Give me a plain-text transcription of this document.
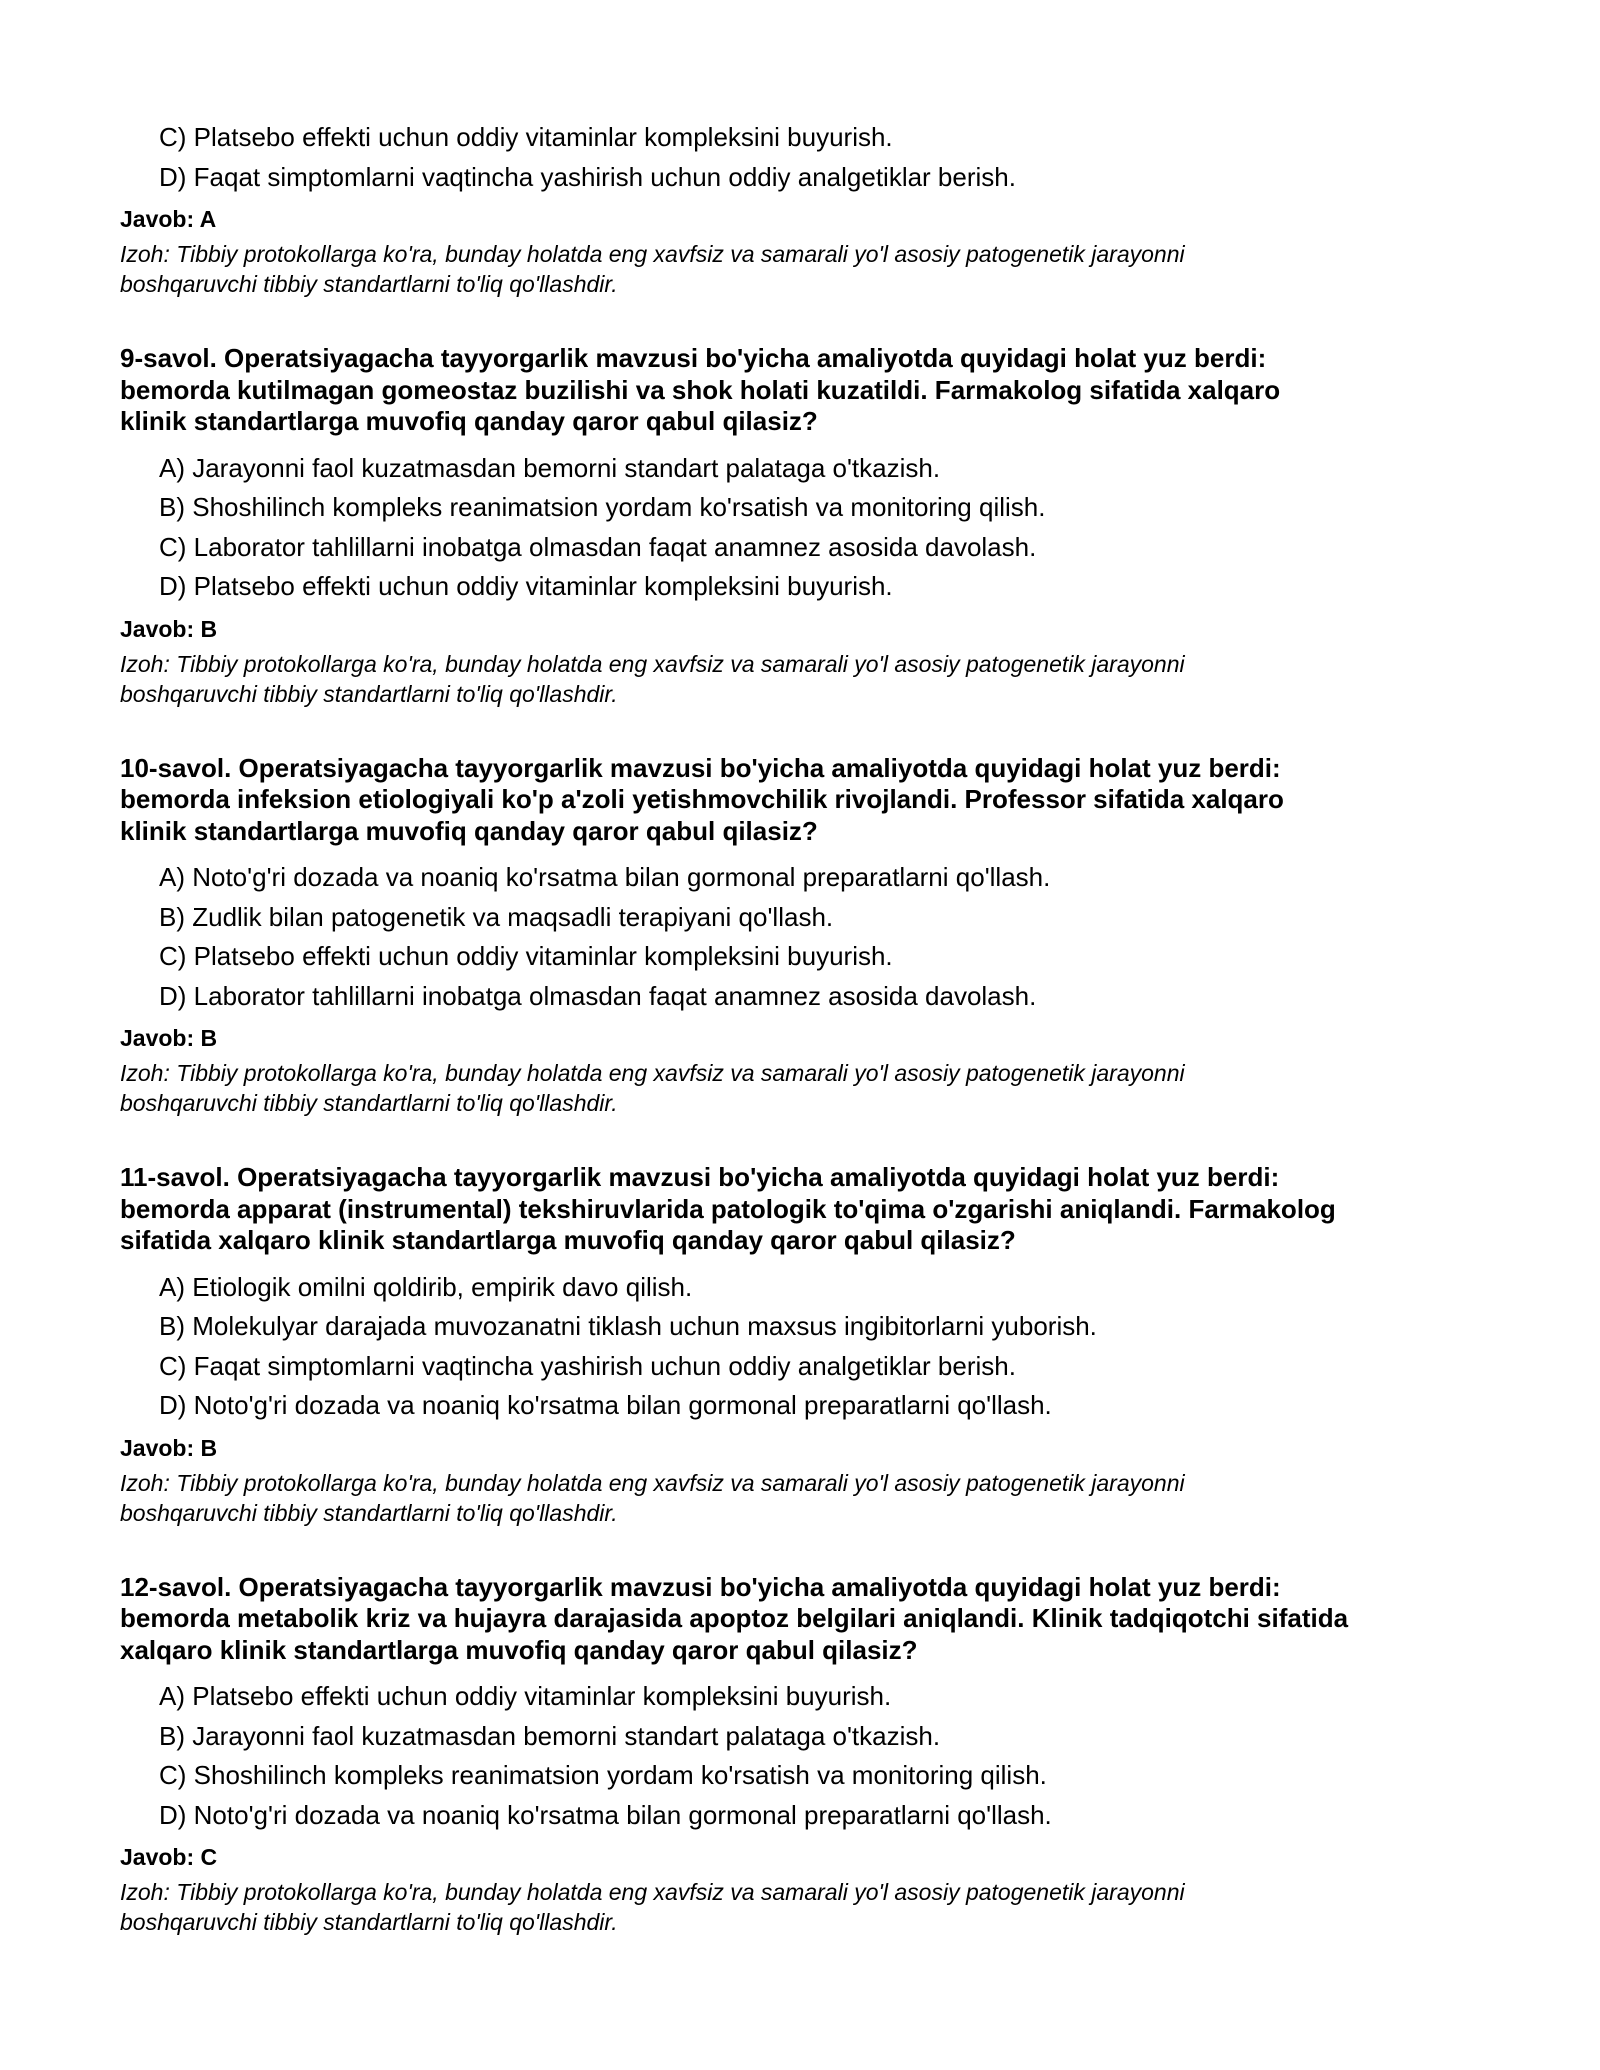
C) Platsebo effekti uchun oddiy vitaminlar kompleksini buyurish.
D) Faqat simptomlarni vaqtincha yashirish uchun oddiy analgetiklar berish.
Javob: A
Izoh: Tibbiy protokollarga ko'ra, bunday holatda eng xavfsiz va samarali yo'l asosiy patogenetik jarayonni
boshqaruvchi tibbiy standartlarni to'liq qo'llashdir.
9-savol. Operatsiyagacha tayyorgarlik mavzusi bo'yicha amaliyotda quyidagi holat yuz berdi:
bemorda kutilmagan gomeostaz buzilishi va shok holati kuzatildi. Farmakolog sifatida xalqaro
klinik standartlarga muvofiq qanday qaror qabul qilasiz?
A) Jarayonni faol kuzatmasdan bemorni standart palataga o'tkazish.
B) Shoshilinch kompleks reanimatsion yordam ko'rsatish va monitoring qilish.
C) Laborator tahlillarni inobatga olmasdan faqat anamnez asosida davolash.
D) Platsebo effekti uchun oddiy vitaminlar kompleksini buyurish.
Javob: B
Izoh: Tibbiy protokollarga ko'ra, bunday holatda eng xavfsiz va samarali yo'l asosiy patogenetik jarayonni
boshqaruvchi tibbiy standartlarni to'liq qo'llashdir.
10-savol. Operatsiyagacha tayyorgarlik mavzusi bo'yicha amaliyotda quyidagi holat yuz berdi:
bemorda infeksion etiologiyali ko'p a'zoli yetishmovchilik rivojlandi. Professor sifatida xalqaro
klinik standartlarga muvofiq qanday qaror qabul qilasiz?
A) Noto'g'ri dozada va noaniq ko'rsatma bilan gormonal preparatlarni qo'llash.
B) Zudlik bilan patogenetik va maqsadli terapiyani qo'llash.
C) Platsebo effekti uchun oddiy vitaminlar kompleksini buyurish.
D) Laborator tahlillarni inobatga olmasdan faqat anamnez asosida davolash.
Javob: B
Izoh: Tibbiy protokollarga ko'ra, bunday holatda eng xavfsiz va samarali yo'l asosiy patogenetik jarayonni
boshqaruvchi tibbiy standartlarni to'liq qo'llashdir.
11-savol. Operatsiyagacha tayyorgarlik mavzusi bo'yicha amaliyotda quyidagi holat yuz berdi:
bemorda apparat (instrumental) tekshiruvlarida patologik to'qima o'zgarishi aniqlandi. Farmakolog
sifatida xalqaro klinik standartlarga muvofiq qanday qaror qabul qilasiz?
A) Etiologik omilni qoldirib, empirik davo qilish.
B) Molekulyar darajada muvozanatni tiklash uchun maxsus ingibitorlarni yuborish.
C) Faqat simptomlarni vaqtincha yashirish uchun oddiy analgetiklar berish.
D) Noto'g'ri dozada va noaniq ko'rsatma bilan gormonal preparatlarni qo'llash.
Javob: B
Izoh: Tibbiy protokollarga ko'ra, bunday holatda eng xavfsiz va samarali yo'l asosiy patogenetik jarayonni
boshqaruvchi tibbiy standartlarni to'liq qo'llashdir.
12-savol. Operatsiyagacha tayyorgarlik mavzusi bo'yicha amaliyotda quyidagi holat yuz berdi:
bemorda metabolik kriz va hujayra darajasida apoptoz belgilari aniqlandi. Klinik tadqiqotchi sifatida
xalqaro klinik standartlarga muvofiq qanday qaror qabul qilasiz?
A) Platsebo effekti uchun oddiy vitaminlar kompleksini buyurish.
B) Jarayonni faol kuzatmasdan bemorni standart palataga o'tkazish.
C) Shoshilinch kompleks reanimatsion yordam ko'rsatish va monitoring qilish.
D) Noto'g'ri dozada va noaniq ko'rsatma bilan gormonal preparatlarni qo'llash.
Javob: C
Izoh: Tibbiy protokollarga ko'ra, bunday holatda eng xavfsiz va samarali yo'l asosiy patogenetik jarayonni
boshqaruvchi tibbiy standartlarni to'liq qo'llashdir.
